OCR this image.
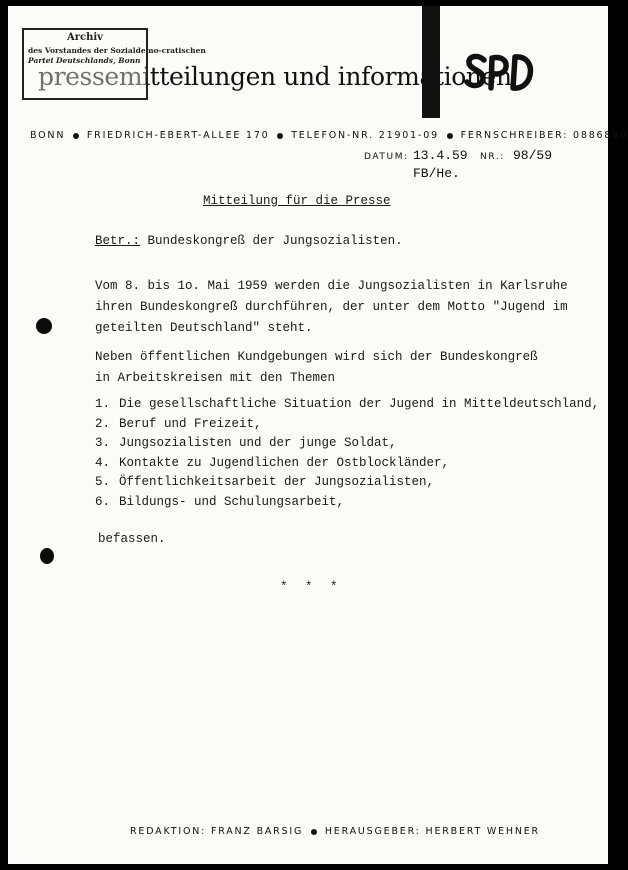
pressemitteilungen und informationen
Archiv
des Vorstandes der Sozialdemo-cratischen
Partei Deutschlands, Bonn
BONN FRIEDRICH-EBERT-ALLEE 170 TELEFON-NR. 21901-09 FERNSCHREIBER: 0886890
DATUM: 13.4.59 NR.: 98/59
FB/He.
Mitteilung für die Presse
Betr.: Bundeskongreß der Jungsozialisten.
Vom 8. bis 1o. Mai 1959 werden die Jungsozialisten in Karlsruhe
ihren Bundeskongreß durchführen, der unter dem Motto "Jugend im
geteilten Deutschland" steht.
Neben öffentlichen Kundgebungen wird sich der Bundeskongreß
in Arbeitskreisen mit den Themen
1. Die gesellschaftliche Situation der Jugend in Mitteldeutschland,
2. Beruf und Freizeit,
3. Jungsozialisten und der junge Soldat,
4. Kontakte zu Jugendlichen der Ostblockländer,
5. Öffentlichkeitsarbeit der Jungsozialisten,
6. Bildungs- und Schulungsarbeit,
befassen.
* * *
REDAKTION: FRANZ BARSIG HERAUSGEBER: HERBERT WEHNER
